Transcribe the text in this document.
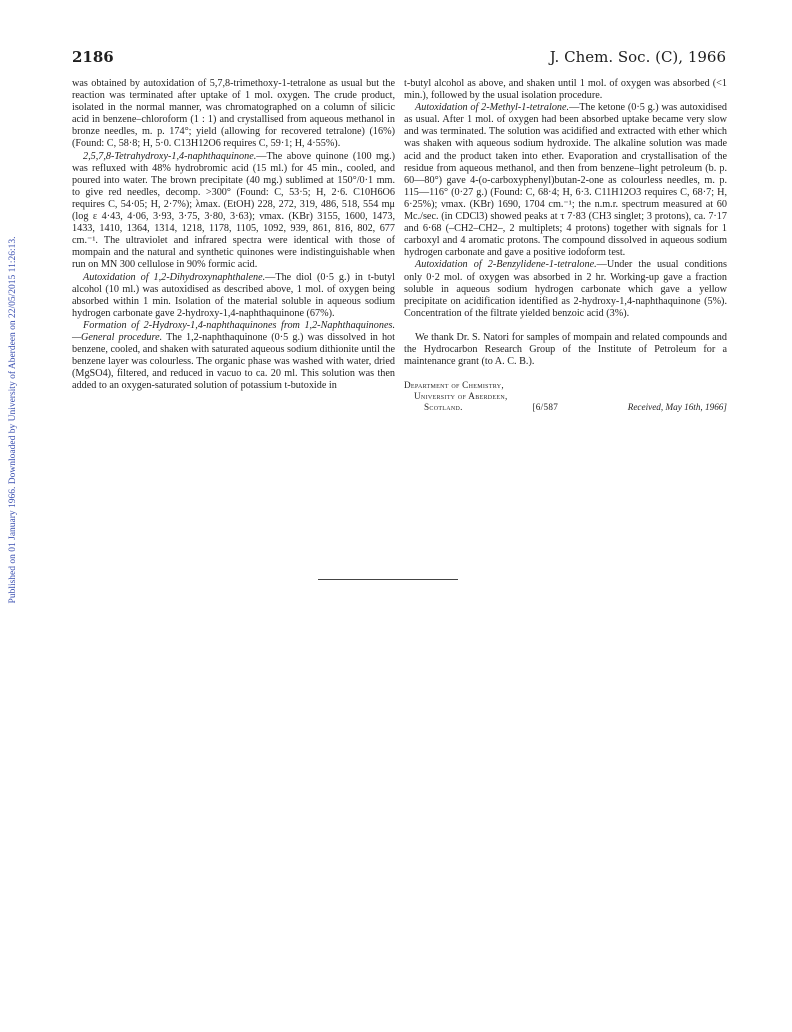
Published on 01 January 1966. Downloaded by University of Aberdeen on 22/05/2015 11:26:13.
2186	J. Chem. Soc. (C), 1966

was obtained by autoxidation of 5,7,8-trimethoxy-1-tetralone as usual but the reaction was terminated after uptake of 1 mol. oxygen. The crude product, isolated in the normal manner, was chromatographed on a column of silicic acid in benzene–chloroform (1 : 1) and crystallised from aqueous methanol in bronze needles, m. p. 174°; yield (allowing for recovered tetralone) (16%) (Found: C, 58·8; H, 5·0. C13H12O6 requires C, 59·1; H, 4·55%).

2,5,7,8-Tetrahydroxy-1,4-naphthaquinone.—The above quinone (100 mg.) was refluxed with 48% hydrobromic acid (15 ml.) for 45 min., cooled, and poured into water. The brown precipitate (40 mg.) sublimed at 150°/0·1 mm. to give red needles, decomp. >300° (Found: C, 53·5; H, 2·6. C10H6O6 requires C, 54·05; H, 2·7%); λmax. (EtOH) 228, 272, 319, 486, 518, 554 mμ (log ε 4·43, 4·06, 3·93, 3·75, 3·80, 3·63); νmax. (KBr) 3155, 1600, 1473, 1433, 1410, 1364, 1314, 1218, 1178, 1105, 1092, 939, 861, 816, 802, 677 cm.⁻¹. The ultraviolet and infrared spectra were identical with those of mompain and the natural and synthetic quinones were indistinguishable when run on MN 300 cellulose in 90% formic acid.

Autoxidation of 1,2-Dihydroxynaphthalene.—The diol (0·5 g.) in t-butyl alcohol (10 ml.) was autoxidised as described above, 1 mol. of oxygen being absorbed within 1 min. Isolation of the material soluble in aqueous sodium hydrogen carbonate gave 2-hydroxy-1,4-naphthaquinone (67%).

Formation of 2-Hydroxy-1,4-naphthaquinones from 1,2-Naphthaquinones.—General procedure. The 1,2-naphthaquinone (0·5 g.) was dissolved in hot benzene, cooled, and shaken with saturated aqueous sodium dithionite until the benzene layer was colourless. The organic phase was washed with water, dried (MgSO4), filtered, and reduced in vacuo to ca. 20 ml. This solution was then added to an oxygen-saturated solution of potassium t-butoxide in

t-butyl alcohol as above, and shaken until 1 mol. of oxygen was absorbed (<1 min.), followed by the usual isolation procedure.

Autoxidation of 2-Methyl-1-tetralone.—The ketone (0·5 g.) was autoxidised as usual. After 1 mol. of oxygen had been absorbed uptake became very slow and was terminated. The solution was acidified and extracted with ether which was shaken with aqueous sodium hydroxide. The alkaline solution was made acid and the product taken into ether. Evaporation and crystallisation of the residue from aqueous methanol, and then from benzene–light petroleum (b. p. 60—80°) gave 4-(o-carboxyphenyl)butan-2-one as colourless needles, m. p. 115—116° (0·27 g.) (Found: C, 68·4; H, 6·3. C11H12O3 requires C, 68·7; H, 6·25%); νmax. (KBr) 1690, 1704 cm.⁻¹; the n.m.r. spectrum measured at 60 Mc./sec. (in CDCl3) showed peaks at τ 7·83 (CH3 singlet; 3 protons), ca. 7·17 and 6·68 (–CH2–CH2–, 2 multiplets; 4 protons) together with signals for 1 carboxyl and 4 aromatic protons. The compound dissolved in aqueous sodium hydrogen carbonate and gave a positive iodoform test.

Autoxidation of 2-Benzylidene-1-tetralone.—Under the usual conditions only 0·2 mol. of oxygen was absorbed in 2 hr. Working-up gave a fraction soluble in aqueous sodium hydrogen carbonate which gave a yellow precipitate on acidification identified as 2-hydroxy-1,4-naphthaquinone (5%). Concentration of the filtrate yielded benzoic acid (3%).

We thank Dr. S. Natori for samples of mompain and related compounds and the Hydrocarbon Research Group of the Institute of Petroleum for a maintenance grant (to A. C. B.).

Department of Chemistry,
University of Aberdeen,
Scotland.	[6/587	Received, May 16th, 1966]
